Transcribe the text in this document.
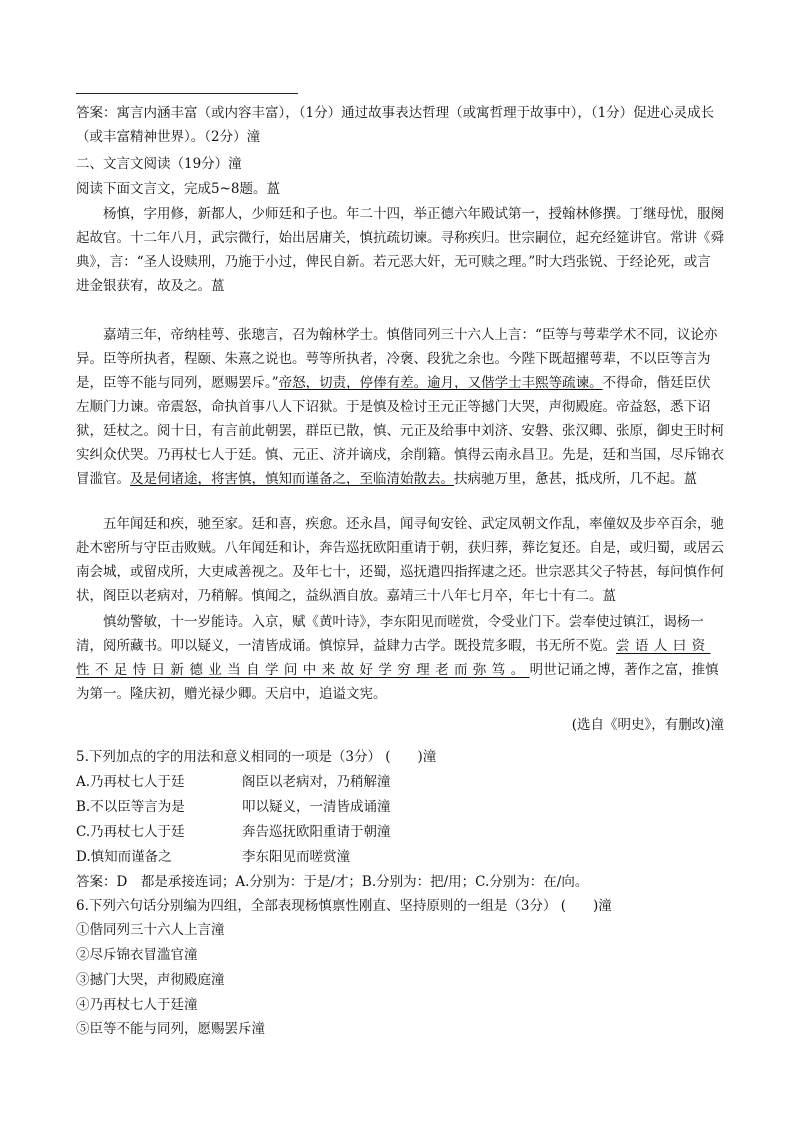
答案：寓言内涵丰富（或内容丰富），（1分）通过故事表达哲理（或寓哲理于故事中），（1分）促进心灵成长（或丰富精神世界）。（2分）潼
二、文言文阅读（19分）潼
阅读下面文言文，完成5~8题。蒕
杨慎，字用修，新都人，少师廷和子也。年二十四，举正德六年殿试第一，授翰林修撰。丁继母忧，服阕起故官。十二年八月，武宗微行，始出居庸关，慎抗疏切谏。寻称疾归。世宗嗣位，起充经筵讲官。常讲《舜典》，言：“圣人设赎刑，乃施于小过，俾民自新。若元恶大奸，无可赎之理。”时大珰张锐、于经论死，或言进金银获宥，故及之。蒕
嘉靖三年，帝纳桂萼、张璁言，召为翰林学士。慎偕同列三十六人上言：“臣等与萼辈学术不同，议论亦异。臣等所执者，程颐、朱熹之说也。萼等所执者，冷褒、段犹之余也。今陛下既超擢萼辈，不以臣等言为是，臣等不能与同列，愿赐罢斥。”帝怒，切责，停俸有差。逾月，又偕学士丰熙等疏谏。不得命，偕廷臣伏左顺门力谏。帝震怒，命执首事八人下诏狱。于是慎及检讨王元正等撼门大哭，声彻殿庭。帝益怒，悉下诏狱，廷杖之。阅十日，有言前此朝罢，群臣已散，慎、元正及给事中刘济、安磐、张汉卿、张原，御史王时柯实纠众伏哭。乃再杖七人于廷。慎、元正、济并谪戍，余削籍。慎得云南永昌卫。先是，廷和当国，尽斥锦衣冒滥官。及是伺诸途，将害慎，慎知而谨备之，至临清始散去。扶病驰万里，惫甚，抵戍所，几不起。蒕
五年闻廷和疾，驰至家。廷和喜，疾愈。还永昌，闻寻甸安铨、武定凤朝文作乱，率僮奴及步卒百余，驰赴木密所与守臣击败贼。八年闻廷和讣，奔告巡抚欧阳重请于朝，获归葬，葬讫复还。自是，或归蜀，或居云南会城，或留戍所，大吏咸善视之。及年七十，还蜀，巡抚遣四指挥逮之还。世宗恶其父子特甚，每问慎作何状，阁臣以老病对，乃稍解。慎闻之，益纵酒自放。嘉靖三十八年七月卒，年七十有二。蒕
慎幼警敏，十一岁能诗。入京，赋《黄叶诗》，李东阳见而嗟赏，令受业门下。尝奉使过镇江，谒杨一清，阅所藏书。叩以疑义，一清皆成诵。慎惊异，益肆力古学。既投荒多暇，书无所不览。尝语人曰资性不足恃日新德业当自学问中来故好学穷理老而弥笃。明世记诵之博，著作之富，推慎为第一。隆庆初，赠光禄少卿。天启中，追谥文宪。
(选自《明史》，有删改)潼
5.下列加点的字的用法和意义相同的一项是（3分） (　　)潼
A.乃再杖七人于廷	阁臣以老病对，乃稍解潼
B.不以臣等言为是	叩以疑义，一清皆成诵潼
C.乃再杖七人于廷	奔告巡抚欧阳重请于朝潼
D.慎知而谨备之	李东阳见而嗟赏潼
答案：D　都是承接连词；A.分别为：于是/才；B.分别为：把/用；C.分别为：在/向。
6.下列六句话分别编为四组，全部表现杨慎禀性刚直、坚持原则的一组是（3分） (　　)潼
①偕同列三十六人上言潼
②尽斥锦衣冒滥官潼
③撼门大哭，声彻殿庭潼
④乃再杖七人于廷潼
⑤臣等不能与同列，愿赐罢斥潼
